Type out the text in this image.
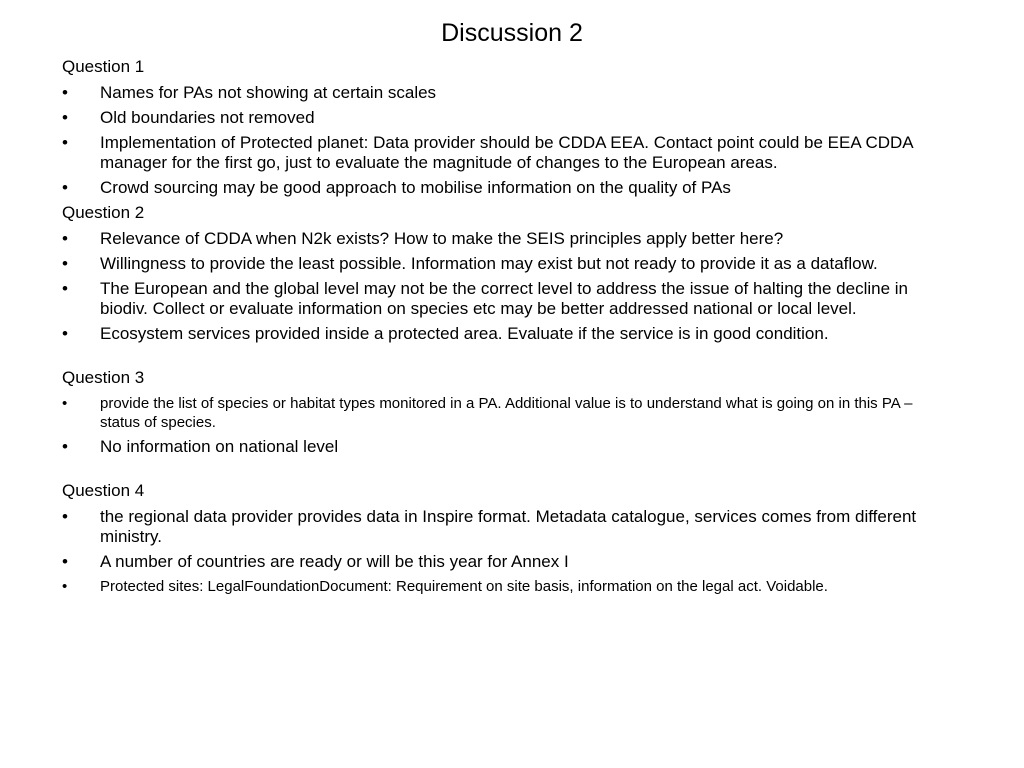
Discussion 2
Question 1
•	Names for PAs not showing at certain scales
•	Old boundaries not removed
•	Implementation of Protected planet: Data provider should be CDDA EEA. Contact point could be EEA CDDA manager for the first go, just to evaluate the magnitude of changes to the European areas.
•	Crowd sourcing may be good approach to mobilise information on the quality of PAs
Question 2
•	Relevance of CDDA when N2k exists? How to make the SEIS principles apply better here?
•	Willingness to provide the least possible. Information may exist but not ready to provide it as a dataflow.
•	The European and the global level may not be the correct level to address the issue of halting the decline in biodiv. Collect or evaluate information on species etc may be better addressed national or local level.
•	Ecosystem services provided inside a protected area. Evaluate if the service is in good condition.
Question 3
•	provide the list of species or habitat types monitored in a PA. Additional value is to understand what is going on in this PA – status of species.
•	No information on national level
Question 4
•	the regional data provider provides data in Inspire format. Metadata catalogue, services comes from different ministry.
•	A number of countries are ready or will be this year for Annex I
•	Protected sites: LegalFoundationDocument: Requirement on site basis, information on the legal act. Voidable.
